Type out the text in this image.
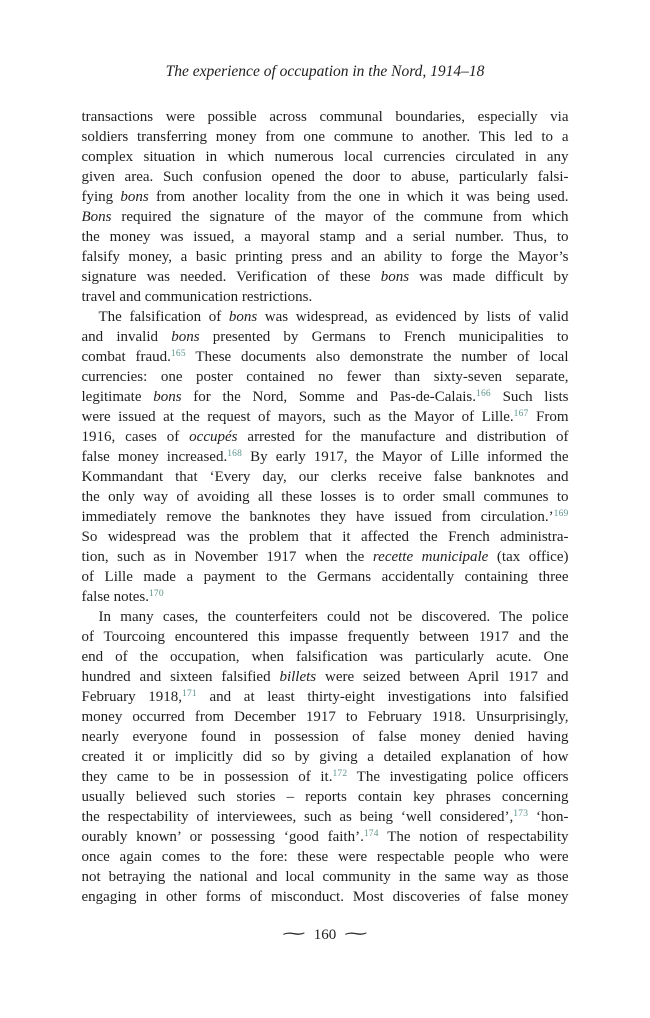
The experience of occupation in the Nord, 1914–18
transactions were possible across communal boundaries, especially via
soldiers transferring money from one commune to another. This led to a
complex situation in which numerous local currencies circulated in any
given area. Such confusion opened the door to abuse, particularly falsi-
fying bons from another locality from the one in which it was being used.
Bons required the signature of the mayor of the commune from which
the money was issued, a mayoral stamp and a serial number. Thus, to
falsify money, a basic printing press and an ability to forge the Mayor’s
signature was needed. Verification of these bons was made difficult by
travel and communication restrictions.
The falsification of bons was widespread, as evidenced by lists of valid
and invalid bons presented by Germans to French municipalities to
combat fraud.$^{165}$ These documents also demonstrate the number of local
currencies: one poster contained no fewer than sixty-seven separate,
legitimate bons for the Nord, Somme and Pas-de-Calais.$^{166}$ Such lists
were issued at the request of mayors, such as the Mayor of Lille.$^{167}$ From
1916, cases of occupés arrested for the manufacture and distribution of
false money increased.$^{168}$ By early 1917, the Mayor of Lille informed the
Kommandant that ‘Every day, our clerks receive false banknotes and
the only way of avoiding all these losses is to order small communes to
immediately remove the banknotes they have issued from circulation.’$^{169}$
So widespread was the problem that it affected the French administra-
tion, such as in November 1917 when the recette municipale (tax office)
of Lille made a payment to the Germans accidentally containing three
false notes.$^{170}$
In many cases, the counterfeiters could not be discovered. The police
of Tourcoing encountered this impasse frequently between 1917 and the
end of the occupation, when falsification was particularly acute. One
hundred and sixteen falsified billets were seized between April 1917 and
February 1918,$^{171}$ and at least thirty-eight investigations into falsified
money occurred from December 1917 to February 1918. Unsurprisingly,
nearly everyone found in possession of false money denied having
created it or implicitly did so by giving a detailed explanation of how
they came to be in possession of it.$^{172}$ The investigating police officers
usually believed such stories – reports contain key phrases concerning
the respectability of interviewees, such as being ‘well considered’,$^{173}$ ‘hon-
ourably known’ or possessing ‘good faith’.$^{174}$ The notion of respectability
once again comes to the fore: these were respectable people who were
not betraying the national and local community in the same way as those
engaging in other forms of misconduct. Most discoveries of false money
∼ 160 ∼
